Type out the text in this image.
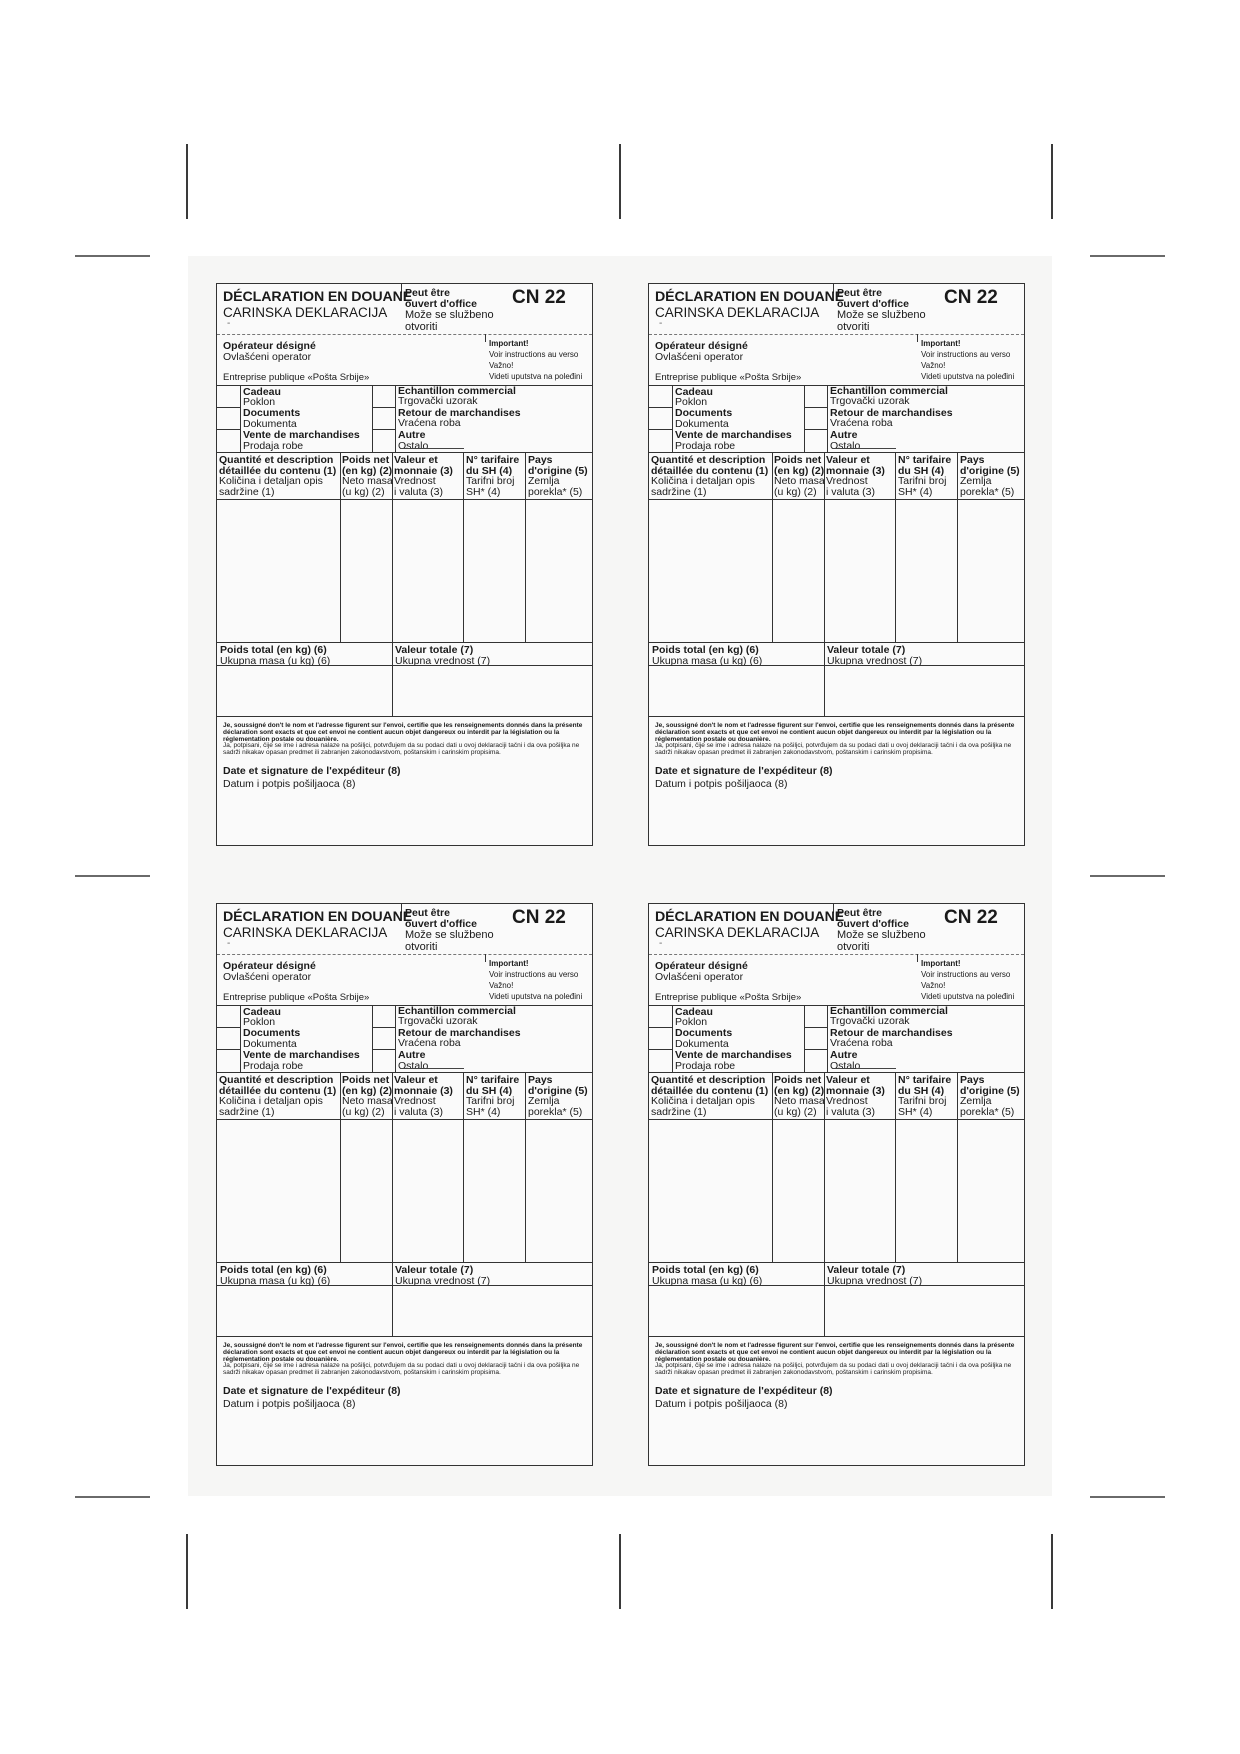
DÉCLARATION EN DOUANE
CARINSKA DEKLARACIJA
-
Peut être
ouvert d'office
Može se službeno
otvoriti
CN 22
Opérateur désigné
Ovlašćeni operator
Entreprise publique «Pošta Srbije»
Important!
Voir instructions au verso
Važno!
Videti uputstva na poleđini
Cadeau
Poklon
Documents
Dokumenta
Vente de marchandises
Prodaja robe
Echantillon commercial
Trgovački uzorak
Retour de marchandises
Vraćena roba
Autre
Ostalo
Quantité et description
détaillée du contenu (1)
Količina i detaljan opis
sadržine (1)
Poids net
(en kg) (2)
Neto masa
(u kg) (2)
Valeur et
monnaie (3)
Vrednost
i valuta (3)
N° tarifaire
du SH (4)
Tarifni broj
SH* (4)
Pays
d'origine (5)
Zemlja
porekla* (5)
Poids total (en kg) (6)
Ukupna masa (u kg) (6)
Valeur totale (7)
Ukupna vrednost (7)
Je, soussigné don't le nom et l'adresse figurent sur l'envoi, certifie que les renseignements donnés dans la présente déclaration sont exacts et que cet envoi ne contient aucun objet dangereux ou interdit par la législation ou la réglementation postale ou douanière.
Ja, potpisani, čije se ime i adresa nalaze na pošiljci, potvrđujem da su podaci dati u ovoj deklaraciji tačni i da ova pošiljka ne sadrži nikakav opasan predmet ili zabranjen zakonodavstvom, poštanskim i carinskim propisima.
Date et signature de l'expéditeur (8)
Datum i potpis pošiljaoca (8)
DÉCLARATION EN DOUANE
CARINSKA DEKLARACIJA
-
Peut être
ouvert d'office
Može se službeno
otvoriti
CN 22
Opérateur désigné
Ovlašćeni operator
Entreprise publique «Pošta Srbije»
Important!
Voir instructions au verso
Važno!
Videti uputstva na poleđini
Cadeau
Poklon
Documents
Dokumenta
Vente de marchandises
Prodaja robe
Echantillon commercial
Trgovački uzorak
Retour de marchandises
Vraćena roba
Autre
Ostalo
Quantité et description
détaillée du contenu (1)
Količina i detaljan opis
sadržine (1)
Poids net
(en kg) (2)
Neto masa
(u kg) (2)
Valeur et
monnaie (3)
Vrednost
i valuta (3)
N° tarifaire
du SH (4)
Tarifni broj
SH* (4)
Pays
d'origine (5)
Zemlja
porekla* (5)
Poids total (en kg) (6)
Ukupna masa (u kg) (6)
Valeur totale (7)
Ukupna vrednost (7)
Je, soussigné don't le nom et l'adresse figurent sur l'envoi, certifie que les renseignements donnés dans la présente déclaration sont exacts et que cet envoi ne contient aucun objet dangereux ou interdit par la législation ou la réglementation postale ou douanière.
Ja, potpisani, čije se ime i adresa nalaze na pošiljci, potvrđujem da su podaci dati u ovoj deklaraciji tačni i da ova pošiljka ne sadrži nikakav opasan predmet ili zabranjen zakonodavstvom, poštanskim i carinskim propisima.
Date et signature de l'expéditeur (8)
Datum i potpis pošiljaoca (8)
DÉCLARATION EN DOUANE
CARINSKA DEKLARACIJA
-
Peut être
ouvert d'office
Može se službeno
otvoriti
CN 22
Opérateur désigné
Ovlašćeni operator
Entreprise publique «Pošta Srbije»
Important!
Voir instructions au verso
Važno!
Videti uputstva na poleđini
Cadeau
Poklon
Documents
Dokumenta
Vente de marchandises
Prodaja robe
Echantillon commercial
Trgovački uzorak
Retour de marchandises
Vraćena roba
Autre
Ostalo
Quantité et description
détaillée du contenu (1)
Količina i detaljan opis
sadržine (1)
Poids net
(en kg) (2)
Neto masa
(u kg) (2)
Valeur et
monnaie (3)
Vrednost
i valuta (3)
N° tarifaire
du SH (4)
Tarifni broj
SH* (4)
Pays
d'origine (5)
Zemlja
porekla* (5)
Poids total (en kg) (6)
Ukupna masa (u kg) (6)
Valeur totale (7)
Ukupna vrednost (7)
Je, soussigné don't le nom et l'adresse figurent sur l'envoi, certifie que les renseignements donnés dans la présente déclaration sont exacts et que cet envoi ne contient aucun objet dangereux ou interdit par la législation ou la réglementation postale ou douanière.
Ja, potpisani, čije se ime i adresa nalaze na pošiljci, potvrđujem da su podaci dati u ovoj deklaraciji tačni i da ova pošiljka ne sadrži nikakav opasan predmet ili zabranjen zakonodavstvom, poštanskim i carinskim propisima.
Date et signature de l'expéditeur (8)
Datum i potpis pošiljaoca (8)
DÉCLARATION EN DOUANE
CARINSKA DEKLARACIJA
-
Peut être
ouvert d'office
Može se službeno
otvoriti
CN 22
Opérateur désigné
Ovlašćeni operator
Entreprise publique «Pošta Srbije»
Important!
Voir instructions au verso
Važno!
Videti uputstva na poleđini
Cadeau
Poklon
Documents
Dokumenta
Vente de marchandises
Prodaja robe
Echantillon commercial
Trgovački uzorak
Retour de marchandises
Vraćena roba
Autre
Ostalo
Quantité et description
détaillée du contenu (1)
Količina i detaljan opis
sadržine (1)
Poids net
(en kg) (2)
Neto masa
(u kg) (2)
Valeur et
monnaie (3)
Vrednost
i valuta (3)
N° tarifaire
du SH (4)
Tarifni broj
SH* (4)
Pays
d'origine (5)
Zemlja
porekla* (5)
Poids total (en kg) (6)
Ukupna masa (u kg) (6)
Valeur totale (7)
Ukupna vrednost (7)
Je, soussigné don't le nom et l'adresse figurent sur l'envoi, certifie que les renseignements donnés dans la présente déclaration sont exacts et que cet envoi ne contient aucun objet dangereux ou interdit par la législation ou la réglementation postale ou douanière.
Ja, potpisani, čije se ime i adresa nalaze na pošiljci, potvrđujem da su podaci dati u ovoj deklaraciji tačni i da ova pošiljka ne sadrži nikakav opasan predmet ili zabranjen zakonodavstvom, poštanskim i carinskim propisima.
Date et signature de l'expéditeur (8)
Datum i potpis pošiljaoca (8)
